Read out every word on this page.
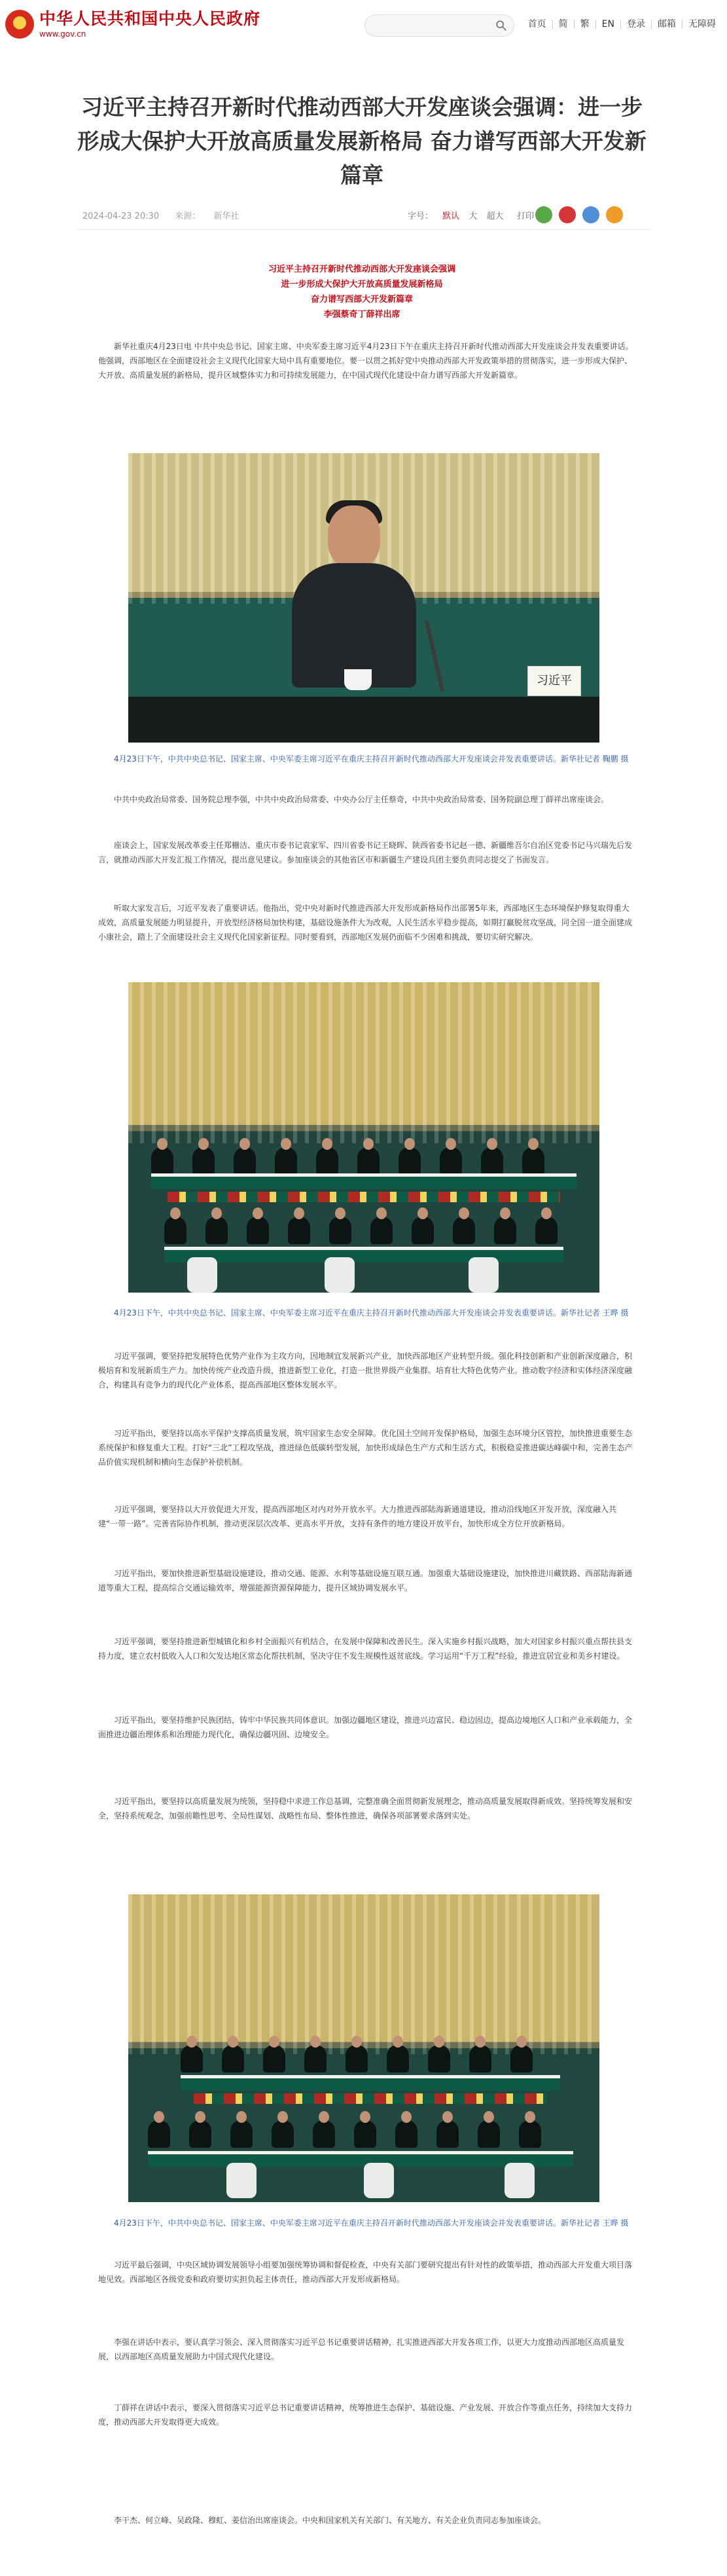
★
中华人民共和国中央人民政府
www.gov.cn
首页	简	繁	EN	登录	邮箱	无障碍
习近平主持召开新时代推动西部大开发座谈会强调：进一步形成大保护大开放高质量发展新格局 奋力谱写西部大开发新篇章
2024-04-23 20:30 来源： 新华社	字号： 默认 大 超大	打印
习近平主持召开新时代推动西部大开发座谈会强调
进一步形成大保护大开放高质量发展新格局
奋力谱写西部大开发新篇章
李强蔡奇丁薛祥出席

新华社重庆4月23日电 中共中央总书记、国家主席、中央军委主席习近平4月23日下午在重庆主持召开新时代推动西部大开发座谈会并发表重要讲话。他强调，西部地区在全面建设社会主义现代化国家大局中具有重要地位。要一以贯之抓好党中央推动西部大开发政策举措的贯彻落实，进一步形成大保护、大开放、高质量发展的新格局，提升区域整体实力和可持续发展能力，在中国式现代化建设中奋力谱写西部大开发新篇章。

习近平

4月23日下午，中共中央总书记、国家主席、中央军委主席习近平在重庆主持召开新时代推动西部大开发座谈会并发表重要讲话。新华社记者 鞠鹏 摄

中共中央政治局常委、国务院总理李强，中共中央政治局常委、中央办公厅主任蔡奇，中共中央政治局常委、国务院副总理丁薛祥出席座谈会。

座谈会上，国家发展改革委主任郑栅洁、重庆市委书记袁家军、四川省委书记王晓晖、陕西省委书记赵一德、新疆维吾尔自治区党委书记马兴瑞先后发言，就推动西部大开发汇报工作情况，提出意见建议。参加座谈会的其他省区市和新疆生产建设兵团主要负责同志提交了书面发言。

听取大家发言后，习近平发表了重要讲话。他指出，党中央对新时代推进西部大开发形成新格局作出部署5年来，西部地区生态环境保护修复取得重大成效，高质量发展能力明显提升，开放型经济格局加快构建，基础设施条件大为改观，人民生活水平稳步提高，如期打赢脱贫攻坚战，同全国一道全面建成小康社会，踏上了全面建设社会主义现代化国家新征程。同时要看到，西部地区发展仍面临不少困难和挑战，要切实研究解决。

4月23日下午，中共中央总书记、国家主席、中央军委主席习近平在重庆主持召开新时代推动西部大开发座谈会并发表重要讲话。新华社记者 王晔 摄

习近平强调，要坚持把发展特色优势产业作为主攻方向，因地制宜发展新兴产业，加快西部地区产业转型升级。强化科技创新和产业创新深度融合，积极培育和发展新质生产力。加快传统产业改造升级，推进新型工业化，打造一批世界级产业集群。培育壮大特色优势产业。推动数字经济和实体经济深度融合，构建具有竞争力的现代化产业体系，提高西部地区整体发展水平。

习近平指出，要坚持以高水平保护支撑高质量发展，筑牢国家生态安全屏障。优化国土空间开发保护格局，加强生态环境分区管控，加快推进重要生态系统保护和修复重大工程。打好“三北”工程攻坚战，推进绿色低碳转型发展，加快形成绿色生产方式和生活方式，积极稳妥推进碳达峰碳中和，完善生态产品价值实现机制和横向生态保护补偿机制。

习近平强调，要坚持以大开放促进大开发，提高西部地区对内对外开放水平。大力推进西部陆海新通道建设，推动沿线地区开发开放，深度融入共建“一带一路”。完善省际协作机制，推动更深层次改革、更高水平开放，支持有条件的地方建设开放平台，加快形成全方位开放新格局。

习近平指出，要加快推进新型基础设施建设，推动交通、能源、水利等基础设施互联互通。加强重大基础设施建设，加快推进川藏铁路、西部陆海新通道等重大工程，提高综合交通运输效率，增强能源资源保障能力，提升区域协调发展水平。

习近平强调，要坚持推进新型城镇化和乡村全面振兴有机结合，在发展中保障和改善民生。深入实施乡村振兴战略，加大对国家乡村振兴重点帮扶县支持力度，建立农村低收入人口和欠发达地区常态化帮扶机制，坚决守住不发生规模性返贫底线。学习运用“千万工程”经验，推进宜居宜业和美乡村建设。

习近平指出，要坚持维护民族团结，铸牢中华民族共同体意识。加强边疆地区建设，推进兴边富民、稳边固边，提高边境地区人口和产业承载能力，全面推进边疆治理体系和治理能力现代化，确保边疆巩固、边境安全。

习近平指出，要坚持以高质量发展为统领，坚持稳中求进工作总基调，完整准确全面贯彻新发展理念，推动高质量发展取得新成效。坚持统筹发展和安全，坚持系统观念，加强前瞻性思考、全局性谋划、战略性布局、整体性推进，确保各项部署要求落到实处。

4月23日下午，中共中央总书记、国家主席、中央军委主席习近平在重庆主持召开新时代推动西部大开发座谈会并发表重要讲话。新华社记者 王晔 摄

习近平最后强调，中央区域协调发展领导小组要加强统筹协调和督促检查，中央有关部门要研究提出有针对性的政策举措，推动西部大开发重大项目落地见效。西部地区各级党委和政府要切实担负起主体责任，推动西部大开发形成新格局。

李强在讲话中表示，要认真学习领会、深入贯彻落实习近平总书记重要讲话精神，扎实推进西部大开发各项工作，以更大力度推动西部地区高质量发展，以西部地区高质量发展助力中国式现代化建设。

丁薛祥在讲话中表示，要深入贯彻落实习近平总书记重要讲话精神，统筹推进生态保护、基础设施、产业发展、开放合作等重点任务，持续加大支持力度，推动西部大开发取得更大成效。

李干杰、何立峰、吴政隆、穆虹、姜信治出席座谈会。中央和国家机关有关部门、有关地方、有关企业负责同志参加座谈会。
